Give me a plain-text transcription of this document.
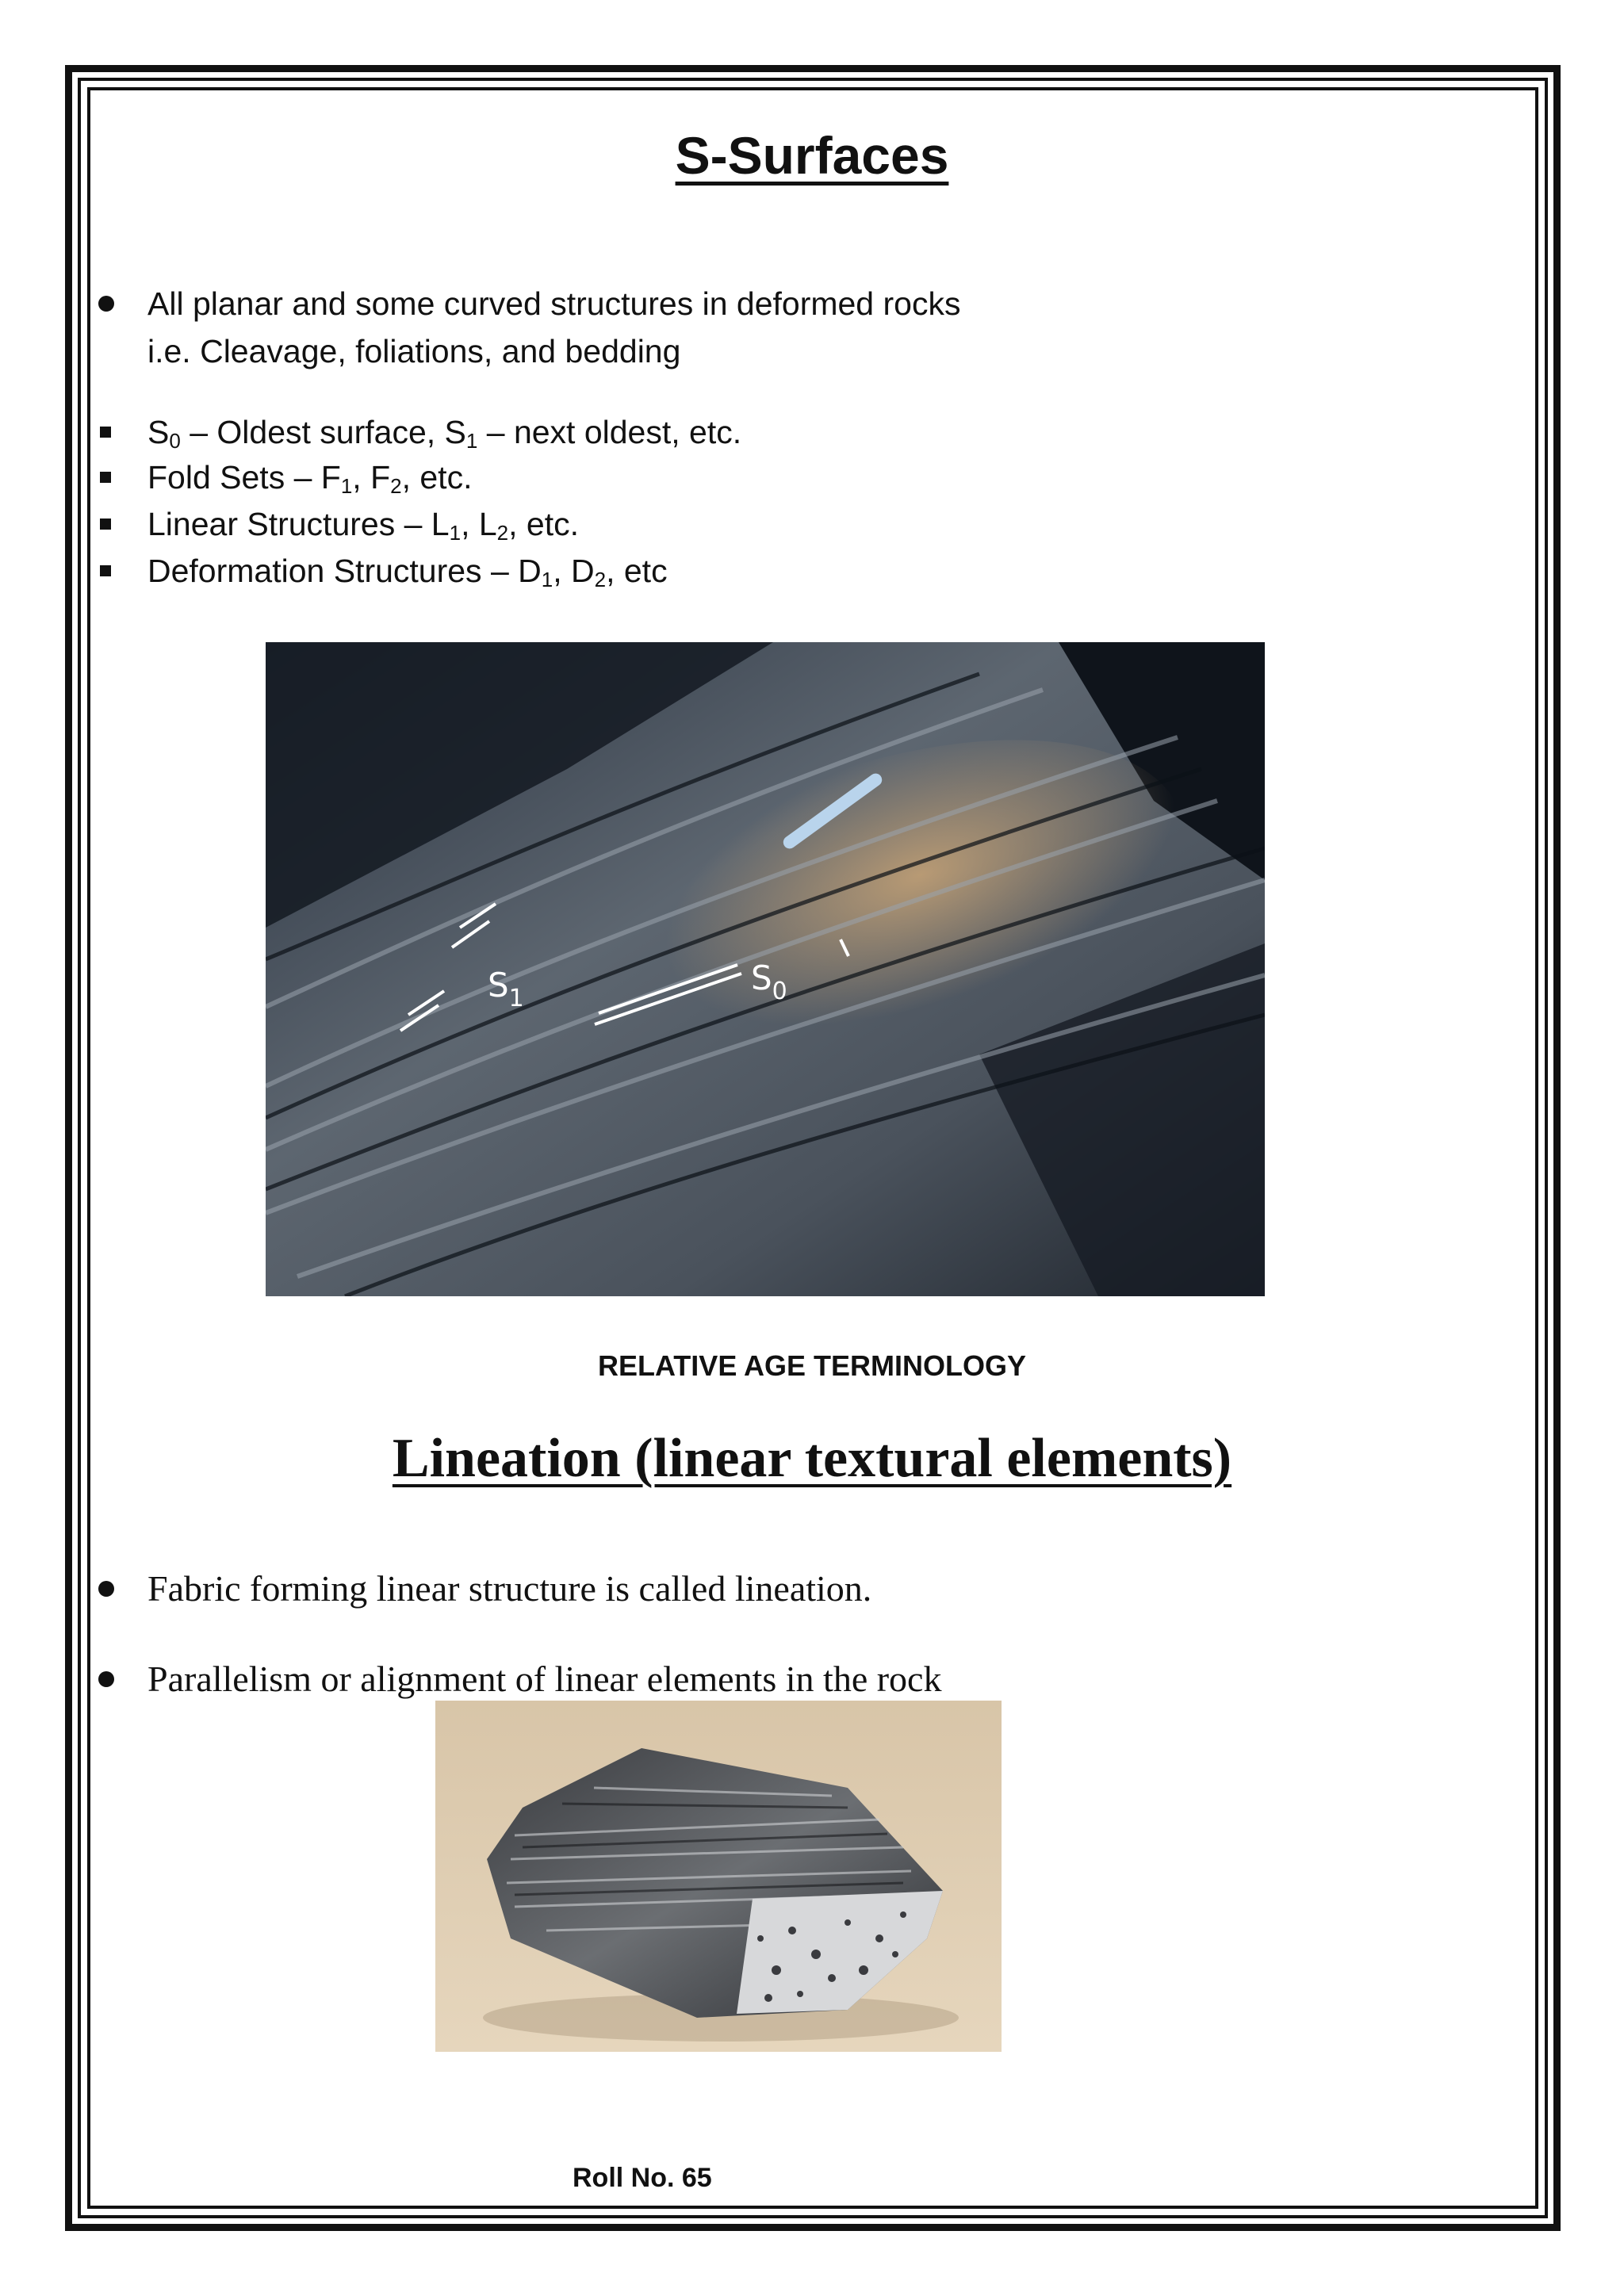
S-Surfaces
All planar and some curved structures in deformed rocks
i.e. Cleavage, foliations, and bedding
$S_0$ – Oldest surface, $S_1$ – next oldest, etc.
Fold Sets – $F_1$, $F_2$, etc.
Linear Structures – $L_1$, $L_2$, etc.
Deformation Structures – $D_1$, $D_2$, etc
$S_1$
$S_0$
RELATIVE AGE TERMINOLOGY
Lineation (linear textural elements)
Fabric forming linear structure is called lineation.
Parallelism or alignment of linear elements in the rock
Roll No. 65
